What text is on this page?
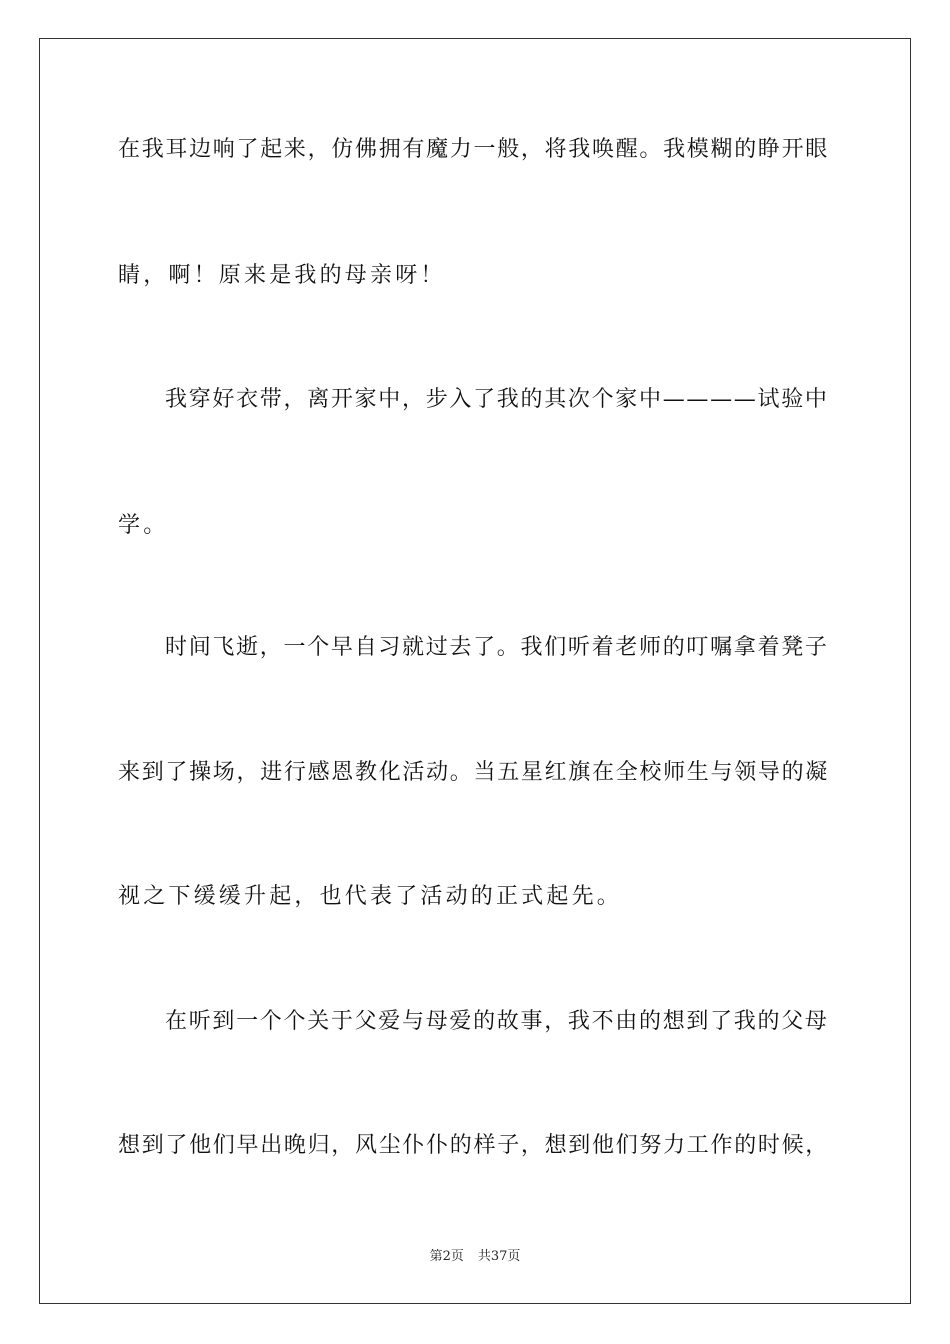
在我耳边响了起来，仿佛拥有魔力一般，将我唤醒。我模糊的睁开眼
睛，啊！原来是我的母亲呀！
我穿好衣带，离开家中，步入了我的其次个家中————试验中
学。
时间飞逝，一个早自习就过去了。我们听着老师的叮嘱拿着凳子
来到了操场，进行感恩教化活动。当五星红旗在全校师生与领导的凝
视之下缓缓升起，也代表了活动的正式起先。
在听到一个个关于父爱与母爱的故事，我不由的想到了我的父母
想到了他们早出晚归，风尘仆仆的样子，想到他们努力工作的时候，
第2页 共37页
